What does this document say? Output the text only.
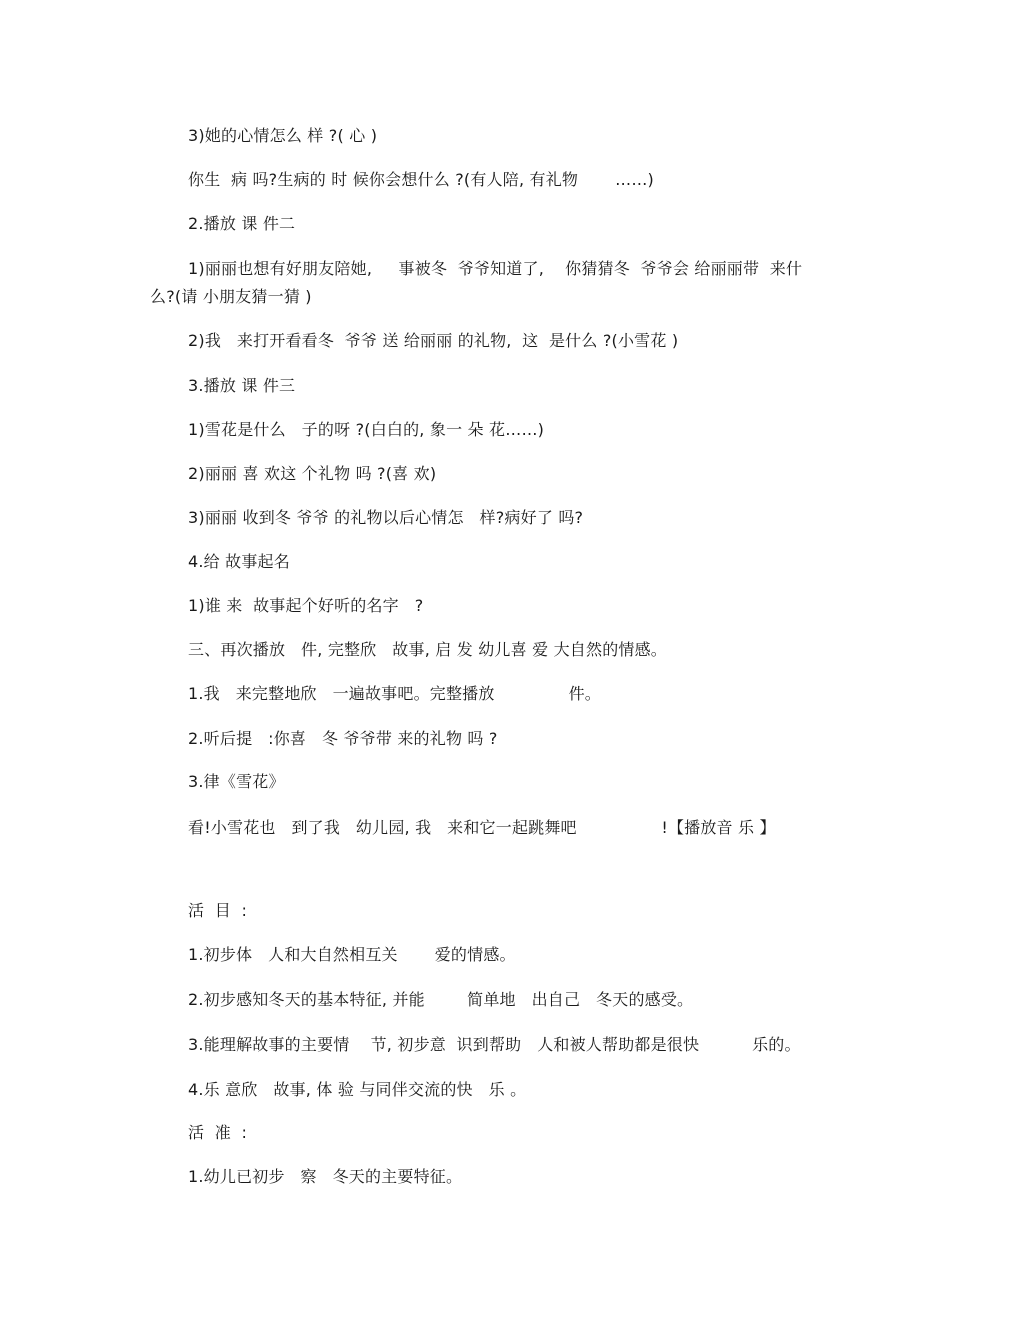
3)她的心情怎么 样 ?( 心 )
你生  病 吗?生病的 时 候你会想什么 ?(有人陪, 有礼物       ……)
2.播放 课 件二
1)丽丽也想有好朋友陪她,     事被冬  爷爷知道了,    你猜猜冬  爷爷会 给丽丽带  来什
么?(请 小朋友猜一猜 )
2)我   来打开看看冬  爷爷 送 给丽丽 的礼物,  这  是什么 ?(小雪花 )
3.播放 课 件三
1)雪花是什么   子的呀 ?(白白的, 象一 朵 花……)
2)丽丽 喜 欢这 个礼物 吗 ?(喜 欢)
3)丽丽 收到冬 爷爷 的礼物以后心情怎   样?病好了 吗?
4.给 故事起名
1)谁 来  故事起个好听的名字   ?
三、再次播放   件, 完整欣   故事, 启 发 幼儿喜 爱 大自然的情感。
1.我   来完整地欣   一遍故事吧。完整播放              件。
2.听后提   :你喜   冬 爷爷带 来的礼物 吗 ?
3.律《雪花》
看!小雪花也   到了我   幼儿园, 我   来和它一起跳舞吧                !【播放音 乐 】
活  目  :
1.初步体   人和大自然相互关       爱的情感。
2.初步感知冬天的基本特征, 并能        简单地   出自己   冬天的感受。
3.能理解故事的主要情    节, 初步意  识到帮助   人和被人帮助都是很快          乐的。
4.乐 意欣   故事, 体 验 与同伴交流的快   乐 。
活  准  :
1.幼儿已初步   察   冬天的主要特征。
